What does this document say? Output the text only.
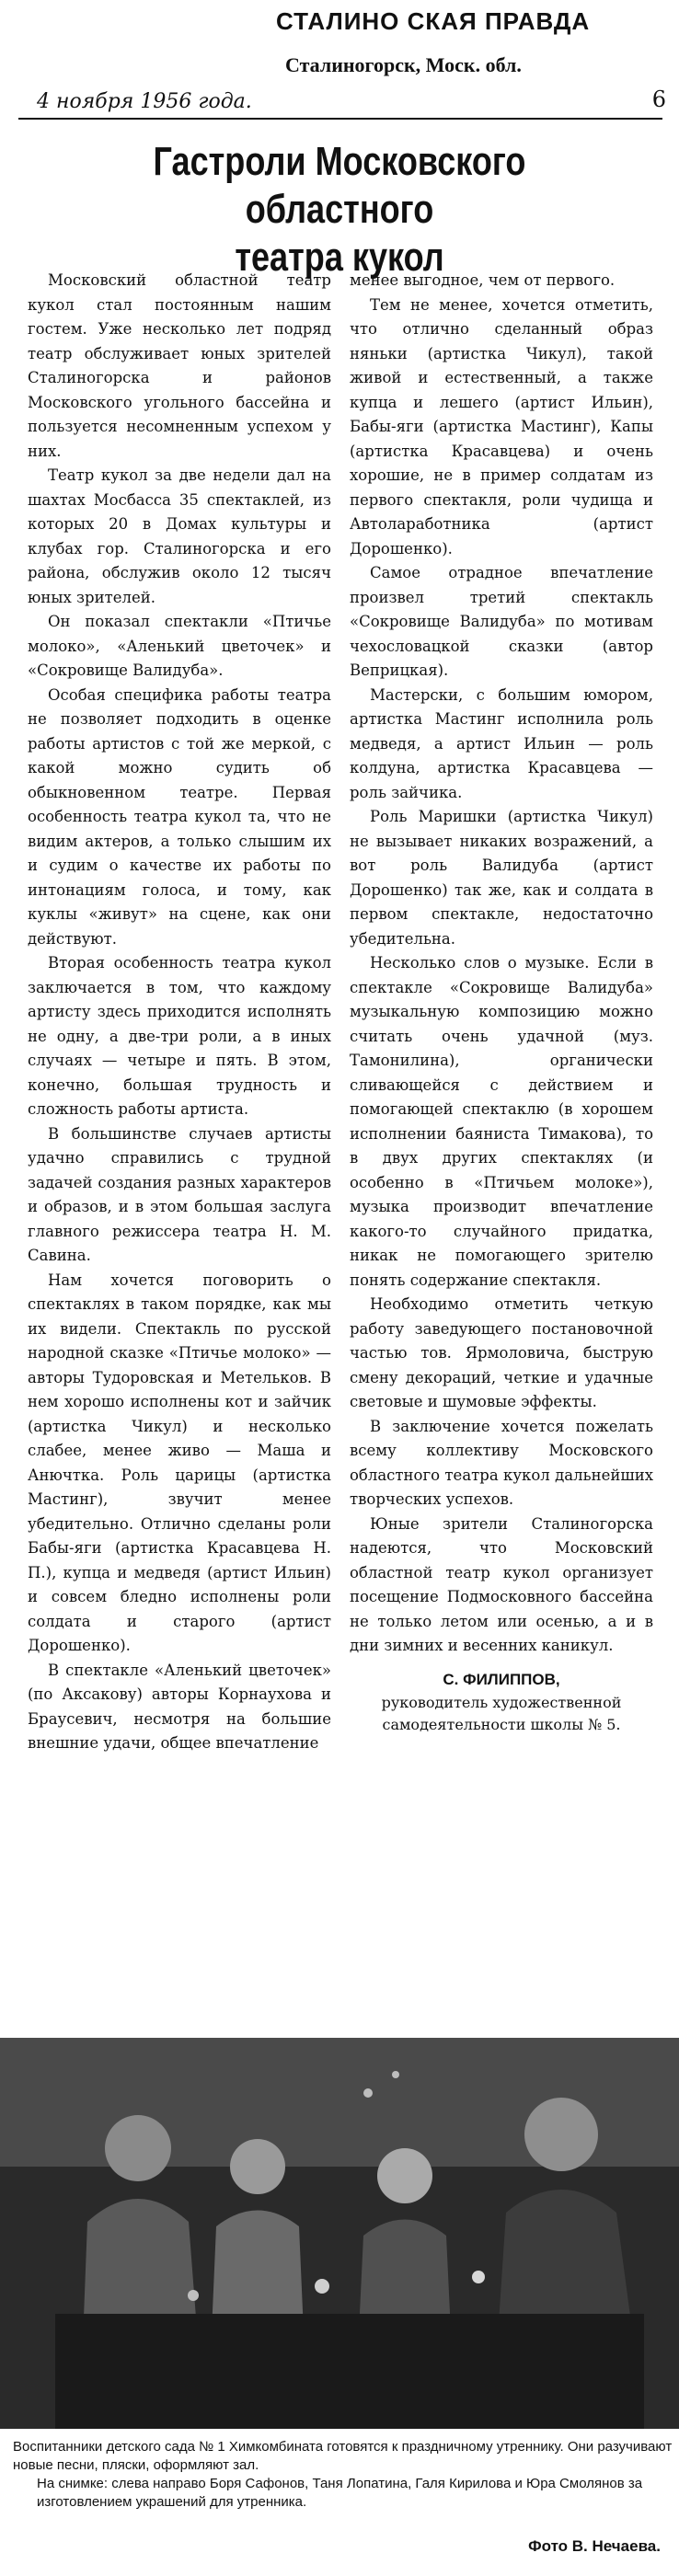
СТАЛИНО СКАЯ ПРАВДА
Сталиногорск, Моск. обл.
4 ноября 1956 года.	6
Гастроли Московского областного
театра кукол

Московский областной театр кукол стал постоянным нашим гостем. Уже несколько лет подряд театр обслуживает юных зрителей Сталиногорска и районов Московского угольного бассейна и пользуется несомненным успехом у них.

Театр кукол за две недели дал на шахтах Мосбасса 35 спектаклей, из которых 20 в Домах культуры и клубах гор. Сталиногорска и его района, обслужив около 12 тысяч юных зрителей.

Он показал спектакли «Птичье молоко», «Аленький цветочек» и «Сокровище Валидуба».

Особая специфика работы театра не позволяет подходить в оценке работы артистов с той же меркой, с какой можно судить об обыкновенном театре. Первая особенность театра кукол та, что не видим актеров, а только слышим их и судим о качестве их работы по интонациям голоса, и тому, как куклы «живут» на сцене, как они действуют.

Вторая особенность театра кукол заключается в том, что каждому артисту здесь приходится исполнять не одну, а две-три роли, а в иных случаях — четыре и пять. В этом, конечно, большая трудность и сложность работы артиста.

В большинстве случаев артисты удачно справились с трудной задачей создания разных характеров и образов, и в этом большая заслуга главного режиссера театра Н. М. Савина.

Нам хочется поговорить о спектаклях в таком порядке, как мы их видели. Спектакль по русской народной сказке «Птичье молоко» — авторы Тудоровская и Метельков. В нем хорошо исполнены кот и зайчик (артистка Чикул) и несколько слабее, менее живо — Маша и Анючтка. Роль царицы (артистка Мастинг), звучит менее убедительно. Отлично сделаны роли Бабы-яги (артистка Красавцева Н. П.), купца и медведя (артист Ильин) и совсем бледно исполнены роли солдата и старого (артист Дорошенко).

В спектакле «Аленький цветочек» (по Аксакову) авторы Корнаухова и Браусевич, несмотря на большие внешние удачи, общее впечатление

менее выгодное, чем от первого.

Тем не менее, хочется отметить, что отлично сделанный образ няньки (артистка Чикул), такой живой и естественный, а также купца и лешего (артист Ильин), Бабы-яги (артистка Мастинг), Капы (артистка Красавцева) и очень хорошие, не в пример солдатам из первого спектакля, роли чудища и Автолаработника (артист Дорошенко).

Самое отрадное впечатление произвел третий спектакль «Сокровище Валидуба» по мотивам чехословацкой сказки (автор Веприцкая).

Мастерски, с большим юмором, артистка Мастинг исполнила роль медведя, а артист Ильин — роль колдуна, артистка Красавцева — роль зайчика.

Роль Маришки (артистка Чикул) не вызывает никаких возражений, а вот роль Валидуба (артист Дорошенко) так же, как и солдата в первом спектакле, недостаточно убедительна.

Несколько слов о музыке. Если в спектакле «Сокровище Валидуба» музыкальную композицию можно считать очень удачной (муз. Тамонилина), органически сливающейся с действием и помогающей спектаклю (в хорошем исполнении баяниста Тимакова), то в двух других спектаклях (и особенно в «Птичьем молоке»), музыка производит впечатление какого-то случайного придатка, никак не помогающего зрителю понять содержание спектакля.

Необходимо отметить четкую работу заведующего постановочной частью тов. Ярмоловича, быструю смену декораций, четкие и удачные световые и шумовые эффекты.

В заключение хочется пожелать всему коллективу Московского областного театра кукол дальнейших творческих успехов.

Юные зрители Сталиногорска надеются, что Московский областной театр кукол организует посещение Подмосковного бассейна не только летом или осенью, а и в дни зимних и весенних каникул.

С. ФИЛИППОВ,

руководитель художественной самодеятельности школы № 5.

Воспитанники детского сада № 1 Химкомбината готовятся к праздничному утреннику. Они разучивают новые песни, пляски, оформляют зал.

На снимке: слева направо Боря Сафонов, Таня Лопатина, Галя Кирилова и Юра Смолянов за изготовлением украшений для утренника.

Фото В. Нечаева.
